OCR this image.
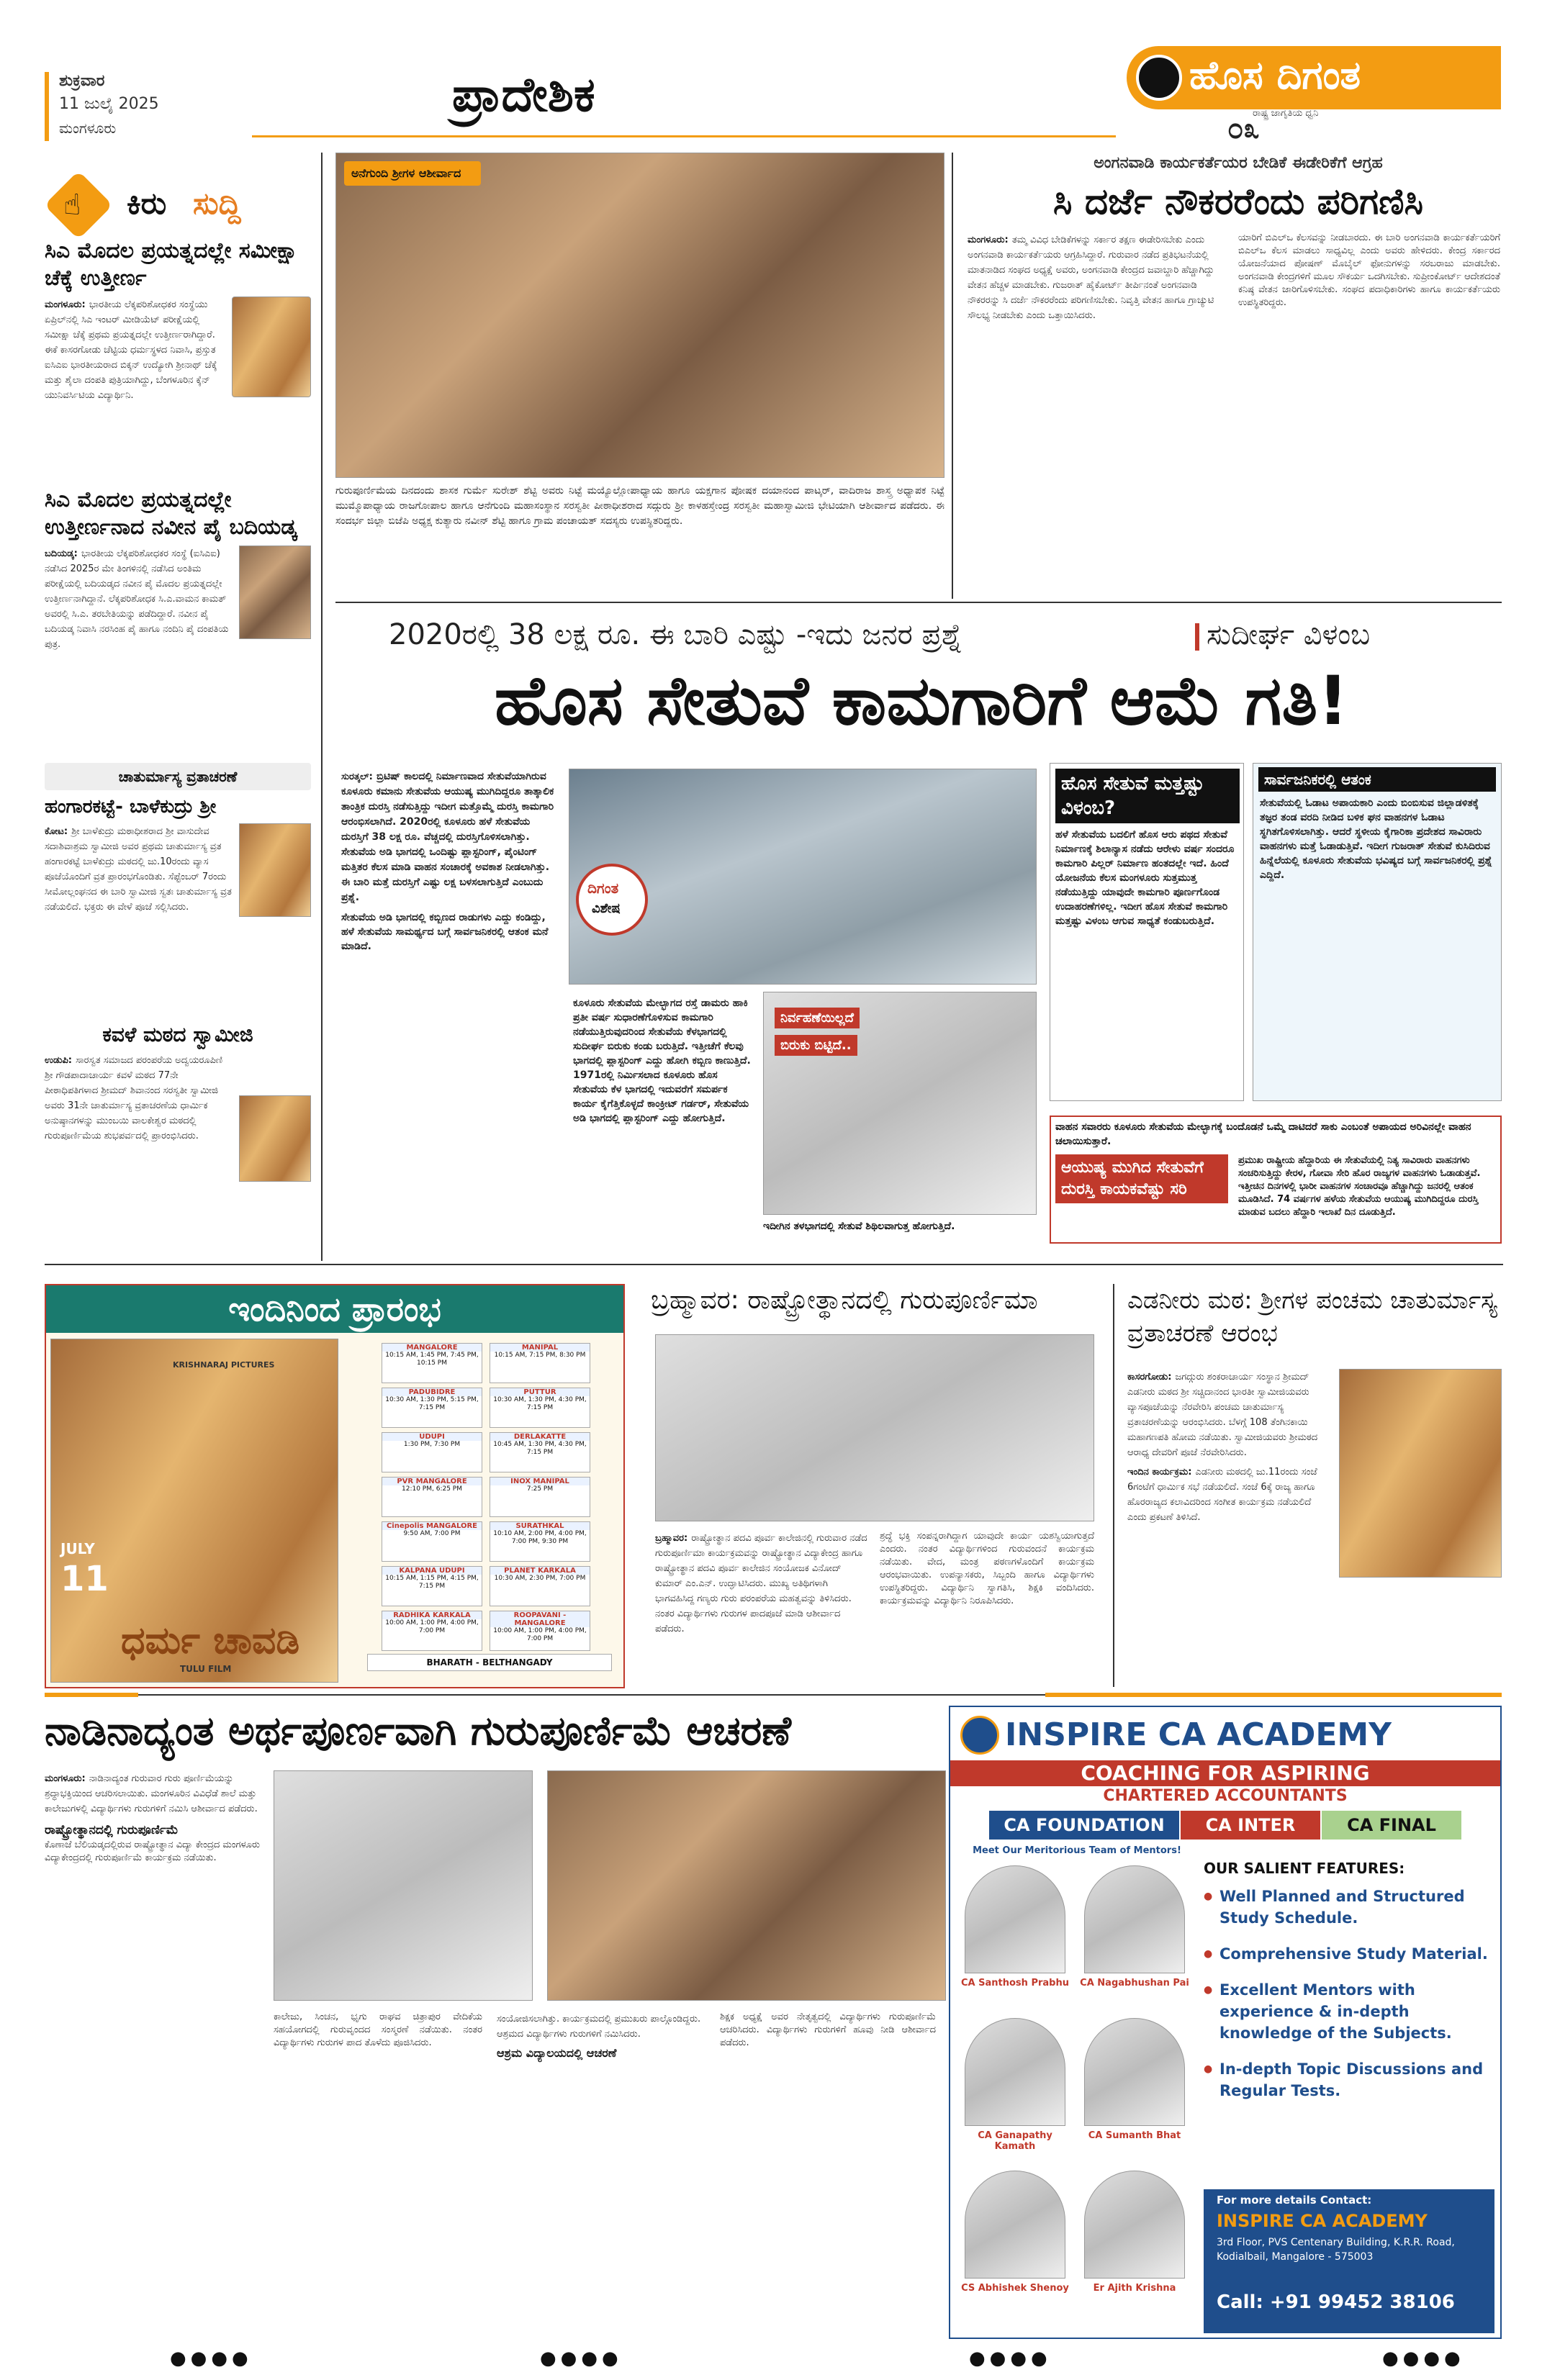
ಶುಕ್ರವಾರ
11 ಜುಲೈ 2025
ಮಂಗಳೂರು
ಪ್ರಾದೇಶಿಕ	ಹೊಸ ದಿಗಂತ
ರಾಷ್ಟ್ರ ಜಾಗೃತಿಯ ಧ್ವನಿ
೦೩
☝ ಕಿರು ಸುದ್ದಿ
ಸಿಎ ಮೊದಲ ಪ್ರಯತ್ನದಲ್ಲೇ ಸಮೀಕ್ಷಾ ಚೆಕ್ಕೆ ಉತ್ತೀರ್ಣ
ಮಂಗಳೂರು: ಭಾರತೀಯ ಲೆಕ್ಕಪರಿಶೋಧಕರ ಸಂಸ್ಥೆಯು ಏಪ್ರಿಲ್‌ನಲ್ಲಿ ಸಿಎ ಇಂಟರ್ ಮೀಡಿಯೆಟ್ ಪರೀಕ್ಷೆಯಲ್ಲಿ ಸಮೀಕ್ಷಾ ಚೆಕ್ಕೆ ಪ್ರಥಮ ಪ್ರಯತ್ನದಲ್ಲೇ ಉತ್ತೀರ್ಣರಾಗಿದ್ದಾರೆ. ಈಕೆ ಕಾಸರಗೋಡು ಚೆಟ್ಟಿಯ ಧರ್ಮಸ್ಥಳದ ನಿವಾಸಿ, ಪ್ರಸ್ತುತ ಐಸಿಎಐ ಭಾರತೀಯರಾದ ಬಿಕ್ಕನ್ ಉದ್ಯೋಗಿ ಶ್ರೀನಾಥ್ ಚೆಕ್ಕೆ ಮತ್ತು ಶೈಲಾ ದಂಪತಿ ಪುತ್ರಿಯಾಗಿದ್ದು, ಬೆಂಗಳೂರಿನ ಕ್ಕೆನ್ ಯುನಿವರ್ಸಿಟಿಯ ವಿದ್ಯಾರ್ಥಿನಿ.
ಸಿಎ ಮೊದಲ ಪ್ರಯತ್ನದಲ್ಲೇ ಉತ್ತೀರ್ಣನಾದ ನವೀನ ಪೈ ಬದಿಯಡ್ಕ
ಬದಿಯಡ್ಕ: ಭಾರತೀಯ ಲೆಕ್ಕಪರಿಶೋಧಕರ ಸಂಸ್ಥೆ (ಐಸಿಎಐ) ನಡೆಸಿದ 2025ರ ಮೇ ತಿಂಗಳಿನಲ್ಲಿ ನಡೆಸಿದ ಅಂತಿಮ ಪರೀಕ್ಷೆಯಲ್ಲಿ ಬದಿಯಡ್ಕದ ನವೀನ ಪೈ ಮೊದಲ ಪ್ರಯತ್ನದಲ್ಲೇ ಉತ್ತೀರ್ಣನಾಗಿದ್ದಾನೆ. ಲೆಕ್ಕಪರಿಶೋಧಕ ಸಿ.ಎ.ವಾಮನ ಕಾಮತ್ ಅವರಲ್ಲಿ ಸಿ.ಎ. ತರಬೇತಿಯನ್ನು ಪಡೆದಿದ್ದಾರೆ. ನವೀನ ಪೈ ಬದಿಯಡ್ಕ ನಿವಾಸಿ ನರಸಿಂಹ ಪೈ ಹಾಗೂ ನಂದಿನಿ ಪೈ ದಂಪತಿಯ ಪುತ್ರ.
ಚಾತುರ್ಮಾಸ್ಯ ವ್ರತಾಚರಣೆ
ಹಂಗಾರಕಟ್ಟೆ- ಬಾಳೆಕುದ್ರು ಶ್ರೀ
ಕೋಟ: ಶ್ರೀ ಬಾಳೆಕುದ್ರು ಮಠಾಧೀಶರಾದ ಶ್ರೀ ವಾಸುದೇವ ಸದಾಶಿವಾಶ್ರಮ ಸ್ವಾಮೀಜಿ ಅವರ ಪ್ರಥಮ ಚಾತುರ್ಮಾಸ್ಯ ವ್ರತ ಹಂಗಾರಕಟ್ಟೆ ಬಾಳೆಕುದ್ರು ಮಠದಲ್ಲಿ ಜು.10ರಂದು ವ್ಯಾಸ ಪೂಜೆಯೊಂದಿಗೆ ವ್ರತ ಪ್ರಾರಂಭಗೊಂಡಿತು. ಸೆಪ್ಟೆಂಬರ್ 7ರಂದು ಸೀಮೋಲ್ಲಂಘನದ ಈ ಬಾರಿ ಸ್ವಾಮೀಜಿ ಸ್ವತಃ ಚಾತುರ್ಮಾಸ್ಯ ವ್ರತ ನಡೆಯಲಿದೆ. ಭಕ್ತರು ಈ ವೇಳೆ ಪೂಜೆ ಸಲ್ಲಿಸಿದರು.
ಕವಳೆ ಮಠದ ಸ್ವಾಮೀಜಿ
ಉಡುಪಿ: ಸಾರಸ್ವತ ಸಮಾಜದ ಪರಂಪರೆಯ ಅದ್ವಯರೂಪಿಣಿ ಶ್ರೀ ಗೌಡಪಾದಾಚಾರ್ಯ ಕವಳೆ ಮಠದ 77ನೇ ಪೀಠಾಧಿಪತಿಗಳಾದ ಶ್ರೀಮದ್ ಶಿವಾನಂದ ಸರಸ್ವತೀ ಸ್ವಾಮೀಜಿ ಅವರು 31ನೇ ಚಾತುರ್ಮಾಸ್ಯ ವ್ರತಾಚರಣೆಯ ಧಾರ್ಮಿಕ ಅನುಷ್ಠಾನಗಳನ್ನು ಮುಂಬಯಿ ವಾಲಕೇಶ್ವರ ಮಠದಲ್ಲಿ ಗುರುಪೂರ್ಣಿಮೆಯ ಶುಭಪರ್ವದಲ್ಲಿ ಪ್ರಾರಂಭಿಸಿದರು.
ಅನೆಗುಂದಿ ಶ್ರೀಗಳ ಆಶೀರ್ವಾದ
ಗುರುಪೂರ್ಣಿಮೆಯ ದಿನದಂದು ಶಾಸಕ ಗುರ್ಮೆ ಸುರೇಶ್ ಶೆಟ್ಟಿ ಅವರು ನಿಟ್ಟೆ ಮಯ್ಯೊಲ್ಲೋಪಾಧ್ಯಾಯ ಹಾಗೂ ಯಕ್ಷಗಾನ ಪೋಷಕ ದಯಾನಂದ ಪಾಟ್ಕರ್, ವಾದಿರಾಜ ಶಾಸ್ತ್ರ ಅಧ್ಯಾಪಕ ನಿಟ್ಟೆ ಮುಮ್ಮೊಪಾಧ್ಯಾಯ ರಾಜಗೋಪಾಲ ಹಾಗೂ ಆನೆಗುಂದಿ ಮಹಾಸಂಸ್ಥಾನ ಸರಸ್ವತೀ ಪೀಠಾಧೀಶರಾದ ಸದ್ಗುರು ಶ್ರೀ ಕಾಳಹಸ್ತೇಂದ್ರ ಸರಸ್ವತೀ ಮಹಾಸ್ವಾಮೀಜಿ ಭೇಟಿಯಾಗಿ ಆಶೀರ್ವಾದ ಪಡೆದರು. ಈ ಸಂದರ್ಭ ಜಿಲ್ಲಾ ಬಿಜೆಪಿ ಅಧ್ಯಕ್ಷ ಕುತ್ಯಾರು ನವೀನ್ ಶೆಟ್ಟಿ ಹಾಗೂ ಗ್ರಾಮ ಪಂಚಾಯತ್ ಸದಸ್ಯರು ಉಪಸ್ಥಿತರಿದ್ದರು.
ಅಂಗನವಾಡಿ ಕಾರ್ಯಕರ್ತೆಯರ ಬೇಡಿಕೆ ಈಡೇರಿಕೆಗೆ ಆಗ್ರಹ
ಸಿ ದರ್ಜೆ ನೌಕರರೆಂದು ಪರಿಗಣಿಸಿ
ಮಂಗಳೂರು: ತಮ್ಮ ವಿವಿಧ ಬೇಡಿಕೆಗಳನ್ನು ಸರ್ಕಾರ ತಕ್ಷಣ ಈಡೇರಿಸಬೇಕು ಎಂದು ಅಂಗನವಾಡಿ ಕಾರ್ಯಕರ್ತೆಯರು ಆಗ್ರಹಿಸಿದ್ದಾರೆ. ಗುರುವಾರ ನಡೆದ ಪ್ರತಿಭಟನೆಯಲ್ಲಿ ಮಾತನಾಡಿದ ಸಂಘದ ಅಧ್ಯಕ್ಷೆ ಅವರು, ಅಂಗನವಾಡಿ ಕೇಂದ್ರದ ಜವಾಬ್ದಾರಿ ಹೆಚ್ಚಾಗಿದ್ದು ವೇತನ ಹೆಚ್ಚಳ ಮಾಡಬೇಕು. ಗುಜರಾತ್ ಹೈಕೋರ್ಟ್ ತೀರ್ಪಿನಂತೆ ಅಂಗನವಾಡಿ ನೌಕರರನ್ನು ಸಿ ದರ್ಜೆ ನೌಕರರೆಂದು ಪರಿಗಣಿಸಬೇಕು. ನಿವೃತ್ತಿ ವೇತನ ಹಾಗೂ ಗ್ರಾಚ್ಯುಟಿ ಸೌಲಭ್ಯ ನೀಡಬೇಕು ಎಂದು ಒತ್ತಾಯಿಸಿದರು.
ಯಾರಿಗೆ ಬಿಎಲ್‌ಒ ಕೆಲಸವನ್ನು ನೀಡಬಾರದು. ಈ ಬಾರಿ ಅಂಗನವಾಡಿ ಕಾರ್ಯಕರ್ತೆಯರಿಗೆ ಬಿಎಲ್‌ಒ ಕೆಲಸ ಮಾಡಲು ಸಾಧ್ಯವಿಲ್ಲ ಎಂದು ಅವರು ಹೇಳಿದರು. ಕೇಂದ್ರ ಸರ್ಕಾರದ ಯೋಜನೆಯಾದ ಪೋಷಣ್ ಮೊಬೈಲ್ ಫೋನುಗಳನ್ನು ಸರಬರಾಜು ಮಾಡಬೇಕು. ಅಂಗನವಾಡಿ ಕೇಂದ್ರಗಳಿಗೆ ಮೂಲ ಸೌಕರ್ಯ ಒದಗಿಸಬೇಕು. ಸುಪ್ರೀಂಕೋರ್ಟ್ ಆದೇಶದಂತೆ ಕನಿಷ್ಠ ವೇತನ ಜಾರಿಗೊಳಿಸಬೇಕು. ಸಂಘದ ಪದಾಧಿಕಾರಿಗಳು ಹಾಗೂ ಕಾರ್ಯಕರ್ತೆಯರು ಉಪಸ್ಥಿತರಿದ್ದರು.
2020ರಲ್ಲಿ 38 ಲಕ್ಷ ರೂ. ಈ ಬಾರಿ ಎಷ್ಟು -ಇದು ಜನರ ಪ್ರಶ್ನೆ	ಸುದೀರ್ಘ ವಿಳಂಬ
ಹೊಸ ಸೇತುವೆ ಕಾಮಗಾರಿಗೆ ಆಮೆ ಗತಿ!
ಸುರತ್ಕಲ್: ಬ್ರಿಟಿಷ್ ಕಾಲದಲ್ಲಿ ನಿರ್ಮಾಣವಾದ ಸೇತುವೆಯಾಗಿರುವ ಕೂಳೂರು ಕಮಾನು ಸೇತುವೆಯ ಆಯುಷ್ಯ ಮುಗಿದಿದ್ದರೂ ತಾತ್ಕಾಲಿಕ ತಾಂತ್ರಿಕ ದುರಸ್ತಿ ನಡೆಸುತ್ತಿದ್ದು ಇದೀಗ ಮತ್ತೊಮ್ಮೆ ದುರಸ್ತಿ ಕಾಮಗಾರಿ ಆರಂಭಿಸಲಾಗಿದೆ. 2020ರಲ್ಲಿ ಕೂಳೂರು ಹಳೆ ಸೇತುವೆಯ ದುರಸ್ತಿಗೆ 38 ಲಕ್ಷ ರೂ. ವೆಚ್ಚದಲ್ಲಿ ದುರಸ್ತಿಗೊಳಿಸಲಾಗಿತ್ತು. ಸೇತುವೆಯ ಅಡಿ ಭಾಗದಲ್ಲಿ ಒಂದಿಷ್ಟು ಪ್ಲಾಸ್ಟರಿಂಗ್, ಪೈಂಟಿಂಗ್ ಮತ್ತಿತರ ಕೆಲಸ ಮಾಡಿ ವಾಹನ ಸಂಚಾರಕ್ಕೆ ಅವಕಾಶ ನೀಡಲಾಗಿತ್ತು. ಈ ಬಾರಿ ಮತ್ತೆ ದುರಸ್ತಿಗೆ ಎಷ್ಟು ಲಕ್ಷ ಬಳಸಲಾಗುತ್ತಿದೆ ಎಂಬುದು ಪ್ರಶ್ನೆ.
ಸೇತುವೆಯ ಅಡಿ ಭಾಗದಲ್ಲಿ ಕಬ್ಬಿಣದ ರಾಡುಗಳು ಎದ್ದು ಕಂಡಿದ್ದು, ಹಳೆ ಸೇತುವೆಯ ಸಾಮರ್ಥ್ಯದ ಬಗ್ಗೆ ಸಾರ್ವಜನಿಕರಲ್ಲಿ ಆತಂಕ ಮನೆ ಮಾಡಿದೆ.
ದಿಗಂತ
ವಿಶೇಷ
ಕೂಳೂರು ಸೇತುವೆಯ ಮೇಲ್ಭಾಗದ ರಸ್ತೆ ಡಾಮರು ಹಾಕಿ ಪ್ರತೀ ವರ್ಷ ಸುಧಾರಣೆಗೊಳಿಸುವ ಕಾಮಗಾರಿ ನಡೆಯುತ್ತಿರುವುದರಿಂದ ಸೇತುವೆಯ ಕೆಳಭಾಗದಲ್ಲಿ ಸುದೀರ್ಘ ಬಿರುಕು ಕಂಡು ಬರುತ್ತಿದೆ. ಇತ್ತೀಚೆಗೆ ಕೆಲವು ಭಾಗದಲ್ಲಿ ಪ್ಲಾಸ್ಟರಿಂಗ್ ಎದ್ದು ಹೋಗಿ ಕಬ್ಬಿಣ ಕಾಣುತ್ತಿದೆ. 1971ರಲ್ಲಿ ನಿರ್ಮಿಸಲಾದ ಕೂಳೂರು ಹೊಸ ಸೇತುವೆಯ ಕೆಳ ಭಾಗದಲ್ಲಿ ಇದುವರೆಗೆ ಸಮರ್ಪಕ ಕಾರ್ಯ ಕೈಗೆತ್ತಿಕೊಳ್ಳದೆ ಕಾಂಕ್ರೀಟ್ ಗರ್ಡರ್, ಸೇತುವೆಯ ಅಡಿ ಭಾಗದಲ್ಲಿ ಪ್ಲಾಸ್ಟರಿಂಗ್ ಎದ್ದು ಹೋಗುತ್ತಿದೆ.
ನಿರ್ವಹಣೆಯಿಲ್ಲದೆ
ಬಿರುಕು ಬಿಟ್ಟಿದೆ..
ಇದೀಗಿನ ತಳಭಾಗದಲ್ಲಿ ಸೇತುವೆ ಶಿಥಿಲವಾಗುತ್ತ ಹೋಗುತ್ತಿದೆ.
ಹೊಸ ಸೇತುವೆ ಮತ್ತಷ್ಟು ವಿಳಂಬ?
ಹಳೆ ಸೇತುವೆಯ ಬದಲಿಗೆ ಹೊಸ ಆರು ಪಥದ ಸೇತುವೆ ನಿರ್ಮಾಣಕ್ಕೆ ಶಿಲಾನ್ಯಾಸ ನಡೆದು ಆರೇಳು ವರ್ಷ ಸಂದರೂ ಕಾಮಗಾರಿ ಪಿಲ್ಲರ್ ನಿರ್ಮಾಣ ಹಂತದಲ್ಲೇ ಇದೆ. ಹಿಂದೆ ಯೋಜನೆಯ ಕೆಲಸ ಮಂಗಳೂರು ಸುತ್ತಮುತ್ತ ನಡೆಯುತ್ತಿದ್ದು ಯಾವುದೇ ಕಾಮಗಾರಿ ಪೂರ್ಣಗೊಂಡ ಉದಾಹರಣೆಗಳಿಲ್ಲ. ಇದೀಗ ಹೊಸ ಸೇತುವೆ ಕಾಮಗಾರಿ ಮತ್ತಷ್ಟು ವಿಳಂಬ ಆಗುವ ಸಾಧ್ಯತೆ ಕಂಡುಬರುತ್ತಿದೆ.
ಸಾರ್ವಜನಿಕರಲ್ಲಿ ಆತಂಕ
ಸೇತುವೆಯಲ್ಲಿ ಓಡಾಟ ಅಪಾಯಕಾರಿ ಎಂದು ಬಿಂಬಿಸುವ ಜಿಲ್ಲಾಡಳಿತಕ್ಕೆ ತಜ್ಞರ ತಂಡ ವರದಿ ನೀಡಿದ ಬಳಿಕ ಘನ ವಾಹನಗಳ ಓಡಾಟ ಸ್ಥಗಿತಗೊಳಿಸಲಾಗಿತ್ತು. ಆದರೆ ಸ್ಥಳೀಯ ಕೈಗಾರಿಕಾ ಪ್ರದೇಶದ ಸಾವಿರಾರು ವಾಹನಗಳು ಮತ್ತೆ ಓಡಾಡುತ್ತಿವೆ. ಇದೀಗ ಗುಜರಾತ್ ಸೇತುವೆ ಕುಸಿದಿರುವ ಹಿನ್ನೆಲೆಯಲ್ಲಿ ಕೂಳೂರು ಸೇತುವೆಯ ಭವಿಷ್ಯದ ಬಗ್ಗೆ ಸಾರ್ವಜನಿಕರಲ್ಲಿ ಪ್ರಶ್ನೆ ಎದ್ದಿದೆ.
ವಾಹನ ಸವಾರರು ಕೂಳೂರು ಸೇತುವೆಯ ಮೇಲ್ಭಾಗಕ್ಕೆ ಬಂದೊಡನೆ ಒಮ್ಮೆ ದಾಟಿದರೆ ಸಾಕು ಎಂಬಂತೆ ಅಪಾಯದ ಅರಿವಿನಲ್ಲೇ ವಾಹನ ಚಲಾಯಿಸುತ್ತಾರೆ.
ಆಯುಷ್ಯ ಮುಗಿದ ಸೇತುವೆಗೆ ದುರಸ್ತಿ ಕಾಯಕವೆಷ್ಟು ಸರಿ
ಪ್ರಮುಖ ರಾಷ್ಟ್ರೀಯ ಹೆದ್ದಾರಿಯ ಈ ಸೇತುವೆಯಲ್ಲಿ ನಿತ್ಯ ಸಾವಿರಾರು ವಾಹನಗಳು ಸಂಚರಿಸುತ್ತಿದ್ದು ಕೇರಳ, ಗೋವಾ ಸೇರಿ ಹೊರ ರಾಜ್ಯಗಳ ವಾಹನಗಳು ಓಡಾಡುತ್ತವೆ. ಇತ್ತೀಚಿನ ದಿನಗಳಲ್ಲಿ ಭಾರೀ ವಾಹನಗಳ ಸಂಚಾರವೂ ಹೆಚ್ಚಾಗಿದ್ದು ಜನರಲ್ಲಿ ಆತಂಕ ಮೂಡಿಸಿದೆ. 74 ವರ್ಷಗಳ ಹಳೆಯ ಸೇತುವೆಯ ಆಯುಷ್ಯ ಮುಗಿದಿದ್ದರೂ ದುರಸ್ತಿ ಮಾಡುವ ಬದಲು ಹೆದ್ದಾರಿ ಇಲಾಖೆ ದಿನ ದೂಡುತ್ತಿದೆ.
ಇಂದಿನಿಂದ ಪ್ರಾರಂಭ
KRISHNARAJ PICTURES
JULY
11
ಧರ್ಮ ಚಾವಡಿ
TULU FILM
MANGALORE
10:15 AM, 1:45 PM, 7:45 PM, 10:15 PM
MANIPAL
10:15 AM, 7:15 PM, 8:30 PM
PADUBIDRE
10:30 AM, 1:30 PM, 5:15 PM, 7:15 PM
PUTTUR
10:30 AM, 1:30 PM, 4:30 PM, 7:15 PM
UDUPI
1:30 PM, 7:30 PM
DERLAKATTE
10:45 AM, 1:30 PM, 4:30 PM, 7:15 PM
PVR MANGALORE
12:10 PM, 6:25 PM
INOX MANIPAL
7:25 PM
Cinepolis MANGALORE
9:50 AM, 7:00 PM
SURATHKAL
10:10 AM, 2:00 PM, 4:00 PM, 7:00 PM, 9:30 PM
KALPANA UDUPI
10:15 AM, 1:15 PM, 4:15 PM, 7:15 PM
PLANET KARKALA
10:30 AM, 2:30 PM, 7:00 PM
RADHIKA KARKALA
10:00 AM, 1:00 PM, 4:00 PM, 7:00 PM
ROOPAVANI - MANGALORE
10:00 AM, 1:00 PM, 4:00 PM, 7:00 PM
BHARATH - BELTHANGADY
ಬ್ರಹ್ಮಾವರ: ರಾಷ್ಟ್ರೋತ್ಥಾನದಲ್ಲಿ ಗುರುಪೂರ್ಣಿಮಾ
ಬ್ರಹ್ಮಾವರ: ರಾಷ್ಟ್ರೋತ್ಥಾನ ಪದವಿ ಪೂರ್ವ ಕಾಲೇಜಿನಲ್ಲಿ ಗುರುವಾರ ನಡೆದ ಗುರುಪೂರ್ಣಿಮಾ ಕಾರ್ಯಕ್ರಮವನ್ನು ರಾಷ್ಟ್ರೋತ್ಥಾನ ವಿದ್ಯಾಕೇಂದ್ರ ಹಾಗೂ ರಾಷ್ಟ್ರೋತ್ಥಾನ ಪದವಿ ಪೂರ್ವ ಕಾಲೇಜಿನ ಸಂಯೋಜಕ ವಿನೋದ್ ಕುಮಾರ್ ಎಂ.ಎನ್. ಉದ್ಘಾಟಿಸಿದರು. ಮುಖ್ಯ ಅತಿಥಿಗಳಾಗಿ ಭಾಗವಹಿಸಿದ್ದ ಗಣ್ಯರು ಗುರು ಪರಂಪರೆಯ ಮಹತ್ವವನ್ನು ತಿಳಿಸಿದರು. ನಂತರ ವಿದ್ಯಾರ್ಥಿಗಳು ಗುರುಗಳ ಪಾದಪೂಜೆ ಮಾಡಿ ಆಶೀರ್ವಾದ ಪಡೆದರು.
ಶ್ರದ್ಧೆ ಭಕ್ತಿ ಸಂಪನ್ನರಾಗಿದ್ದಾಗ ಯಾವುದೇ ಕಾರ್ಯ ಯಶಸ್ವಿಯಾಗುತ್ತದೆ ಎಂದರು. ನಂತರ ವಿದ್ಯಾರ್ಥಿಗಳಿಂದ ಗುರುವಂದನೆ ಕಾರ್ಯಕ್ರಮ ನಡೆಯಿತು. ವೇದ, ಮಂತ್ರ ಪಠಣಗಳೊಂದಿಗೆ ಕಾರ್ಯಕ್ರಮ ಆರಂಭವಾಯಿತು. ಉಪನ್ಯಾಸಕರು, ಸಿಬ್ಬಂದಿ ಹಾಗೂ ವಿದ್ಯಾರ್ಥಿಗಳು ಉಪಸ್ಥಿತರಿದ್ದರು. ವಿದ್ಯಾರ್ಥಿನಿ ಸ್ವಾಗತಿಸಿ, ಶಿಕ್ಷಕಿ ವಂದಿಸಿದರು. ಕಾರ್ಯಕ್ರಮವನ್ನು ವಿದ್ಯಾರ್ಥಿನಿ ನಿರೂಪಿಸಿದರು.
ಎಡನೀರು ಮಠ: ಶ್ರೀಗಳ ಪಂಚಮ ಚಾತುರ್ಮಾಸ್ಯ ವ್ರತಾಚರಣೆ ಆರಂಭ
ಕಾಸರಗೋಡು: ಜಗದ್ಗುರು ಶಂಕರಾಚಾರ್ಯ ಸಂಸ್ಥಾನ ಶ್ರೀಮದ್ ಎಡನೀರು ಮಠದ ಶ್ರೀ ಸಚ್ಚಿದಾನಂದ ಭಾರತೀ ಸ್ವಾಮೀಜಿಯವರು ವ್ಯಾಸಪೂಜೆಯನ್ನು ನೆರವೇರಿಸಿ ಪಂಚಮ ಚಾತುರ್ಮಾಸ್ಯ ವ್ರತಾಚರಣೆಯನ್ನು ಆರಂಭಿಸಿದರು. ಬೆಳಗ್ಗೆ 108 ತೆಂಗಿನಕಾಯಿ ಮಹಾಗಣಪತಿ ಹೋಮ ನಡೆಯಿತು. ಸ್ವಾಮೀಜಿಯವರು ಶ್ರೀಮಠದ ಆರಾಧ್ಯ ದೇವರಿಗೆ ಪೂಜೆ ನೆರವೇರಿಸಿದರು.
ಇಂದಿನ ಕಾರ್ಯಕ್ರಮ: ಎಡನೀರು ಮಠದಲ್ಲಿ ಜು.11ರಂದು ಸಂಜೆ 6ಗಂಟೆಗೆ ಧಾರ್ಮಿಕ ಸಭೆ ನಡೆಯಲಿದೆ. ಸಂಜೆ 6ಕ್ಕೆ ರಾಜ್ಯ ಹಾಗೂ ಹೊರರಾಜ್ಯದ ಕಲಾವಿದರಿಂದ ಸಂಗೀತ ಕಾರ್ಯಕ್ರಮ ನಡೆಯಲಿದೆ ಎಂದು ಪ್ರಕಟಣೆ ತಿಳಿಸಿದೆ.
ನಾಡಿನಾದ್ಯಂತ ಅರ್ಥಪೂರ್ಣವಾಗಿ ಗುರುಪೂರ್ಣಿಮೆ ಆಚರಣೆ
ಮಂಗಳೂರು: ನಾಡಿನಾದ್ಯಂತ ಗುರುವಾರ ಗುರು ಪೂರ್ಣಿಮೆಯನ್ನು ಶ್ರದ್ಧಾಭಕ್ತಿಯಿಂದ ಆಚರಿಸಲಾಯಿತು. ಮಂಗಳೂರಿನ ವಿವಿಧೆಡೆ ಶಾಲೆ ಮತ್ತು ಕಾಲೇಜುಗಳಲ್ಲಿ ವಿದ್ಯಾರ್ಥಿಗಳು ಗುರುಗಳಿಗೆ ನಮಿಸಿ ಆಶೀರ್ವಾದ ಪಡೆದರು.
ರಾಷ್ಟ್ರೋತ್ಥಾನದಲ್ಲಿ ಗುರುಪೂರ್ಣಿಮೆ
ಕೊಣಾಜೆ ಬೆಲಿಯಡ್ಕದಲ್ಲಿರುವ ರಾಷ್ಟ್ರೋತ್ಥಾನ ವಿದ್ಯಾ ಕೇಂದ್ರದ ಮಂಗಳೂರು ವಿದ್ಯಾಕೇಂದ್ರದಲ್ಲಿ ಗುರುಪೂರ್ಣಿಮೆ ಕಾರ್ಯಕ್ರಮ ನಡೆಯಿತು.
ಕಾಲೇಜು, ಸಿಂಚನ, ಭೃಗು ರಾಘವ ಚಿತ್ರಾಪುರ ವೇದಿಕೆಯ ಸಹಯೋಗದಲ್ಲಿ ಗುರುವೃಂದದ ಸಂಸ್ಮರಣೆ ನಡೆಯಿತು. ನಂತರ ವಿದ್ಯಾರ್ಥಿಗಳು ಗುರುಗಳ ಪಾದ ತೊಳೆದು ಪೂಜಿಸಿದರು.
ಸಂಯೋಜಿಸಲಾಗಿತ್ತು. ಕಾರ್ಯಕ್ರಮದಲ್ಲಿ ಪ್ರಮುಖರು ಪಾಲ್ಗೊಂಡಿದ್ದರು. ಆಶ್ರಮದ ವಿದ್ಯಾರ್ಥಿಗಳು ಗುರುಗಳಿಗೆ ನಮಿಸಿದರು.
ಆಶ್ರಮ ವಿದ್ಯಾಲಯದಲ್ಲಿ ಆಚರಣೆ
ಶಿಕ್ಷಕ ಅಧ್ಯಕ್ಷೆ ಅವರ ನೇತೃತ್ವದಲ್ಲಿ ವಿದ್ಯಾರ್ಥಿಗಳು ಗುರುಪೂರ್ಣಿಮೆ ಆಚರಿಸಿದರು. ವಿದ್ಯಾರ್ಥಿಗಳು ಗುರುಗಳಿಗೆ ಹೂವು ನೀಡಿ ಆಶೀರ್ವಾದ ಪಡೆದರು.
INSPIRE CA ACADEMY
COACHING FOR ASPIRING
CHARTERED ACCOUNTANTS
CA FOUNDATION	CA INTER	CA FINAL
Meet Our Meritorious Team of Mentors!
CA Santhosh Prabhu	CA Nagabhushan Pai
CA Ganapathy Kamath
CA Sumanth Bhat
CS Abhishek Shenoy	Er Ajith Krishna
OUR SALIENT FEATURES:
● Well Planned and Structured Study Schedule.
● Comprehensive Study Material.
● Excellent Mentors with experience & in-depth knowledge of the Subjects.
● In-depth Topic Discussions and Regular Tests.
For more details Contact:
INSPIRE CA ACADEMY
3rd Floor, PVS Centenary Building, K.R.R. Road, Kodialbail, Mangalore - 575003
Call: +91 99452 38106
●●●●	●●●●	●●●●	●●●●
